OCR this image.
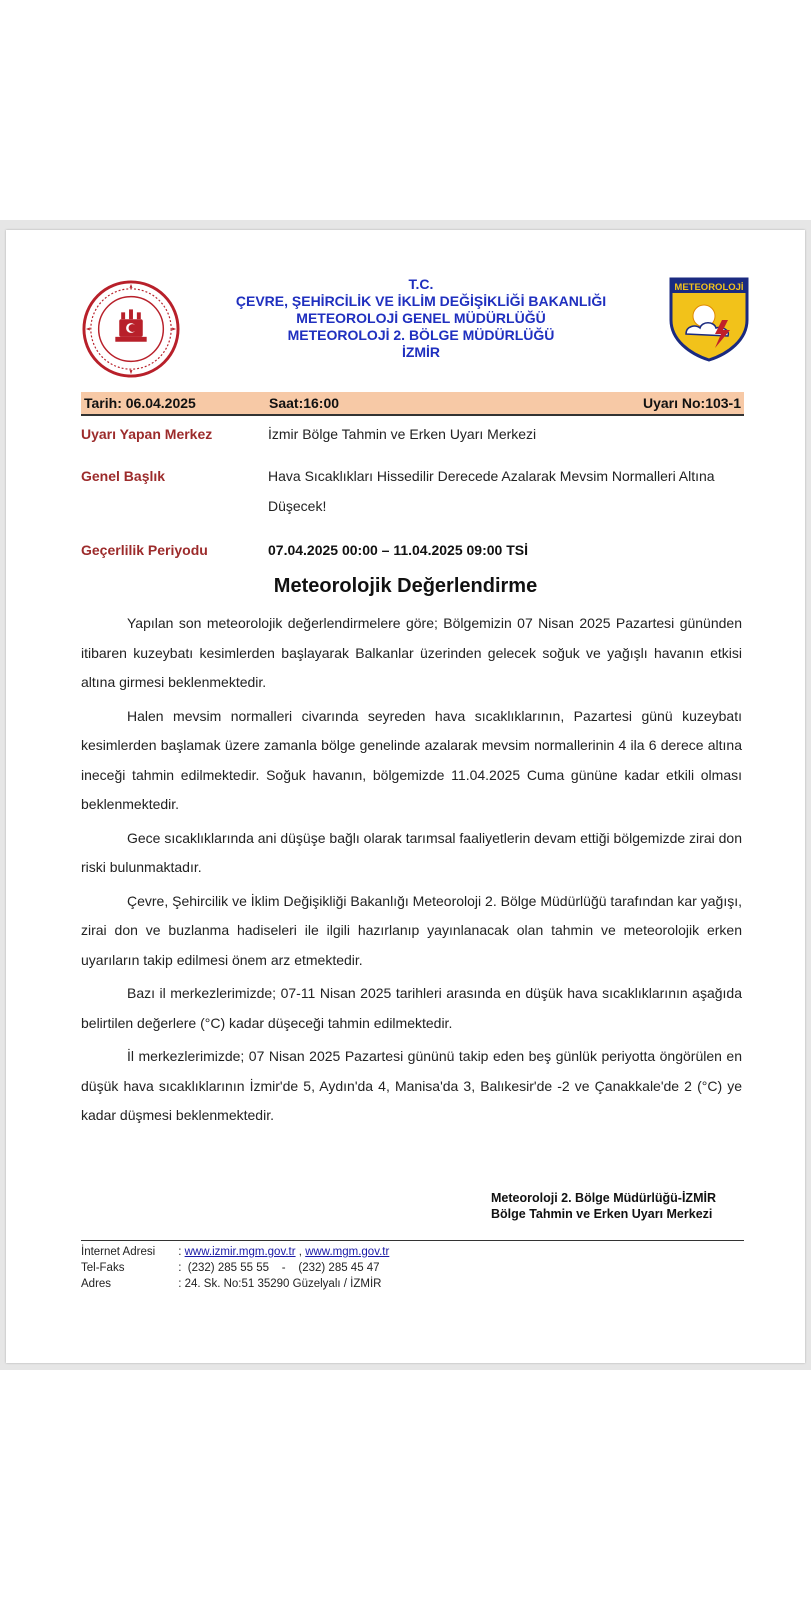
T.C.
ÇEVRE, ŞEHİRCİLİK VE İKLİM DEĞİŞİKLİĞİ BAKANLIĞI
METEOROLOJİ GENEL MÜDÜRLÜĞÜ
METEOROLOJİ 2. BÖLGE MÜDÜRLÜĞÜ
İZMİR
METEOROLOJİ
Tarih: 06.04.2025	Saat:16:00	Uyarı No:103-1
Uyarı Yapan Merkez	İzmir Bölge Tahmin ve Erken Uyarı Merkezi
Genel Başlık	Hava Sıcaklıkları Hissedilir Derecede Azalarak Mevsim Normalleri Altına Düşecek!
Geçerlilik Periyodu	07.04.2025 00:00 – 11.04.2025 09:00 TSİ
Meteorolojik Değerlendirme

Yapılan son meteorolojik değerlendirmelere göre; Bölgemizin 07 Nisan 2025 Pazartesi gününden itibaren kuzeybatı kesimlerden başlayarak Balkanlar üzerinden gelecek soğuk ve yağışlı havanın etkisi altına girmesi beklenmektedir.

Halen mevsim normalleri civarında seyreden hava sıcaklıklarının, Pazartesi günü kuzeybatı kesimlerden başlamak üzere zamanla bölge genelinde azalarak mevsim normallerinin 4 ila 6 derece altına ineceği tahmin edilmektedir. Soğuk havanın, bölgemizde 11.04.2025 Cuma gününe kadar etkili olması beklenmektedir.

Gece sıcaklıklarında ani düşüşe bağlı olarak tarımsal faaliyetlerin devam ettiği bölgemizde zirai don riski bulunmaktadır.

Çevre, Şehircilik ve İklim Değişikliği Bakanlığı Meteoroloji 2. Bölge Müdürlüğü tarafından kar yağışı, zirai don ve buzlanma hadiseleri ile ilgili hazırlanıp yayınlanacak olan tahmin ve meteorolojik erken uyarıların takip edilmesi önem arz etmektedir.

Bazı il merkezlerimizde; 07-11 Nisan 2025 tarihleri arasında en düşük hava sıcaklıklarının aşağıda belirtilen değerlere (°C) kadar düşeceği tahmin edilmektedir.

İl merkezlerimizde; 07 Nisan 2025 Pazartesi gününü takip eden beş günlük periyotta öngörülen en düşük hava sıcaklıklarının İzmir'de 5, Aydın'da 4, Manisa'da 3, Balıkesir'de -2 ve Çanakkale'de 2 (°C) ye kadar düşmesi beklenmektedir.

Meteoroloji 2. Bölge Müdürlüğü-İZMİR
Bölge Tahmin ve Erken Uyarı Merkezi
İnternet Adresi : www.izmir.mgm.gov.tr , www.mgm.gov.tr
Tel-Faks	:  (232) 285 55 55    -    (232) 285 45 47
Adres	: 24. Sk. No:51 35290 Güzelyalı / İZMİR
